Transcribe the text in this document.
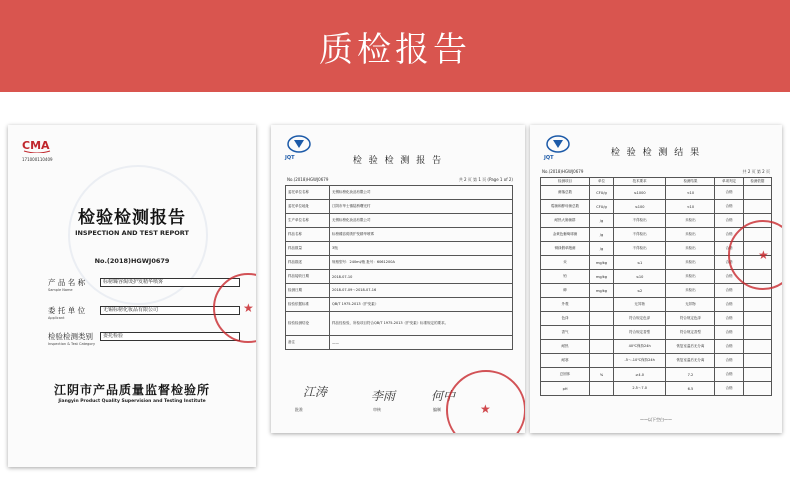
质检报告
CMA
171000110409
检验检测报告
INSPECTION AND TEST REPORT
No.(2018)HGWJ0679
产 品 名 称
Sample Name
标榜臻容焗烫护发精华喷雾
委 托 单 位
Applicant
无锡标榜化妆品有限公司
检验检测类别
Inspection & Test Category
委托检验
江阴市产品质量监督检验所
Jiangyin Product Quality Supervision and Testing Institute
★
JQT	检 验 检 测 报 告
No.(2018)HGWJ0679	共 2 页 第 1 页 (Page 1 of 2)
委托单位名称	无锡标榜化妆品有限公司
委托单位地址	江阴市华士镇陆桥曙光村
生产单位名称	无锡标榜化妆品有限公司
样品名称	标榜臻容焗烫护发精华喷雾
样品数量	3瓶
样品描述	规格型号：240ml/瓶 批号：6061200A
样品接收日期	2018-07-10
检测日期	2018-07-09～2018-07-16
检验依据标准	QB/T 1975-2013《护发素》
检验检测结论	样品经检验，所检项目符合QB/T 1975-2013《护发素》标准规定的要求。
备注	——
江涛	李雨	何中
批准	审核	编制	★
JQT	检 验 检 测 结 果
No.(2018)HGWJ0679	共 2 页 第 2 页
检测项目	单位	技术要求	检测结果	单项判定	检测依据
菌落总数	CFU/g	≤1000	<10	合格	
霉菌和酵母菌总数	CFU/g	≤100	<10	合格	
耐热大肠菌群	/g	不得检出	未检出	合格	
金黄色葡萄球菌	/g	不得检出	未检出	合格	
铜绿假单胞菌	/g	不得检出	未检出	合格	
汞	mg/kg	≤1	未检出	合格	
铅	mg/kg	≤10	未检出	合格	
砷	mg/kg	≤2	未检出	合格	
外观		无异物	无异物	合格	
色泽		符合规定色泽	符合规定色泽	合格	
香气		符合规定香型	符合规定香型	合格	
耐热		40℃保持24h	恢复室温后无分离	合格	
耐寒		-5～-10℃保持24h	恢复室温后无分离	合格	
总固体	%	≥4.0	7.2	合格	
pH		2.5～7.0	6.5	合格	
——以下空白——
★
